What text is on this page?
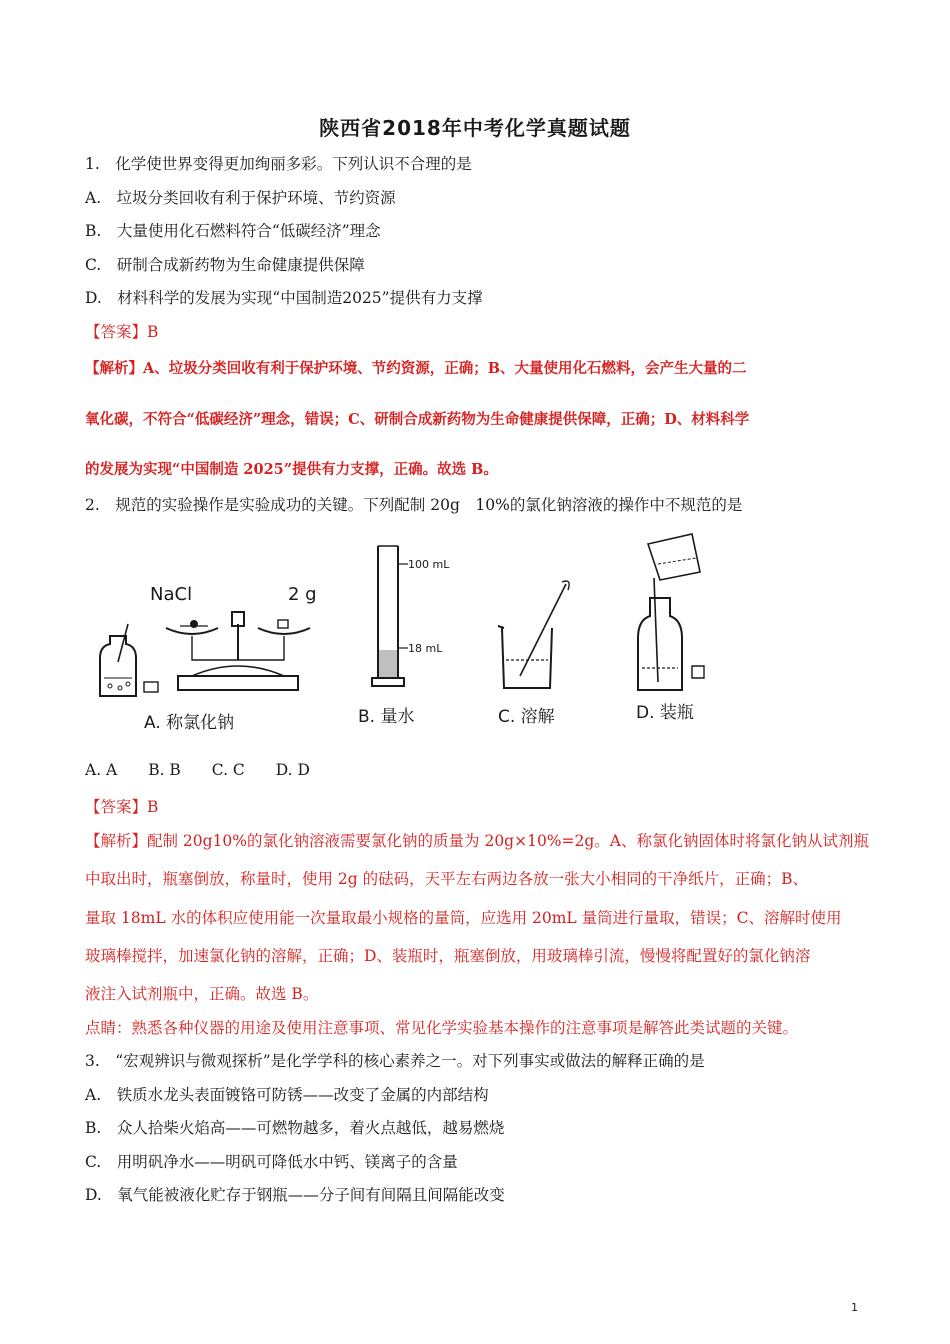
陕西省2018年中考化学真题试题
1.　化学使世界变得更加绚丽多彩。下列认识不合理的是
A.　垃圾分类回收有利于保护环境、节约资源
B.　大量使用化石燃料符合“低碳经济”理念
C.　研制合成新药物为生命健康提供保障
D.　材料科学的发展为实现“中国制造2025”提供有力支撑
【答案】B
【解析】A、垃圾分类回收有利于保护环境、节约资源，正确；B、大量使用化石燃料，会产生大量的二
氧化碳，不符合“低碳经济”理念，错误；C、研制合成新药物为生命健康提供保障，正确；D、材料科学
的发展为实现“中国制造 2025”提供有力支撑，正确。故选 B。
2.　规范的实验操作是实验成功的关键。下列配制 20g　10%的氯化钠溶液的操作中不规范的是
NaCl	2 g
100 mL
18 mL
A. 称氯化钠	B. 量水	C. 溶解	D. 装瓶
A. A B. B C. C D. D
【答案】B
【解析】配制 20g10%的氯化钠溶液需要氯化钠的质量为 20g×10%=2g。A、称氯化钠固体时将氯化钠从试剂瓶
中取出时，瓶塞倒放，称量时，使用 2g 的砝码，天平左右两边各放一张大小相同的干净纸片，正确；B、
量取 18mL 水的体积应使用能一次量取最小规格的量筒，应选用 20mL 量筒进行量取，错误；C、溶解时使用
玻璃棒搅拌，加速氯化钠的溶解，正确；D、装瓶时，瓶塞倒放，用玻璃棒引流，慢慢将配置好的氯化钠溶
液注入试剂瓶中，正确。故选 B。
点睛：熟悉各种仪器的用途及使用注意事项、常见化学实验基本操作的注意事项是解答此类试题的关键。
3.　“宏观辨识与微观探析”是化学学科的核心素养之一。对下列事实或做法的解释正确的是
A.　铁质水龙头表面镀铬可防锈——改变了金属的内部结构
B.　众人拾柴火焰高——可燃物越多，着火点越低，越易燃烧
C.　用明矾净水——明矾可降低水中钙、镁离子的含量
D.　氧气能被液化贮存于钢瓶——分子间有间隔且间隔能改变
1
